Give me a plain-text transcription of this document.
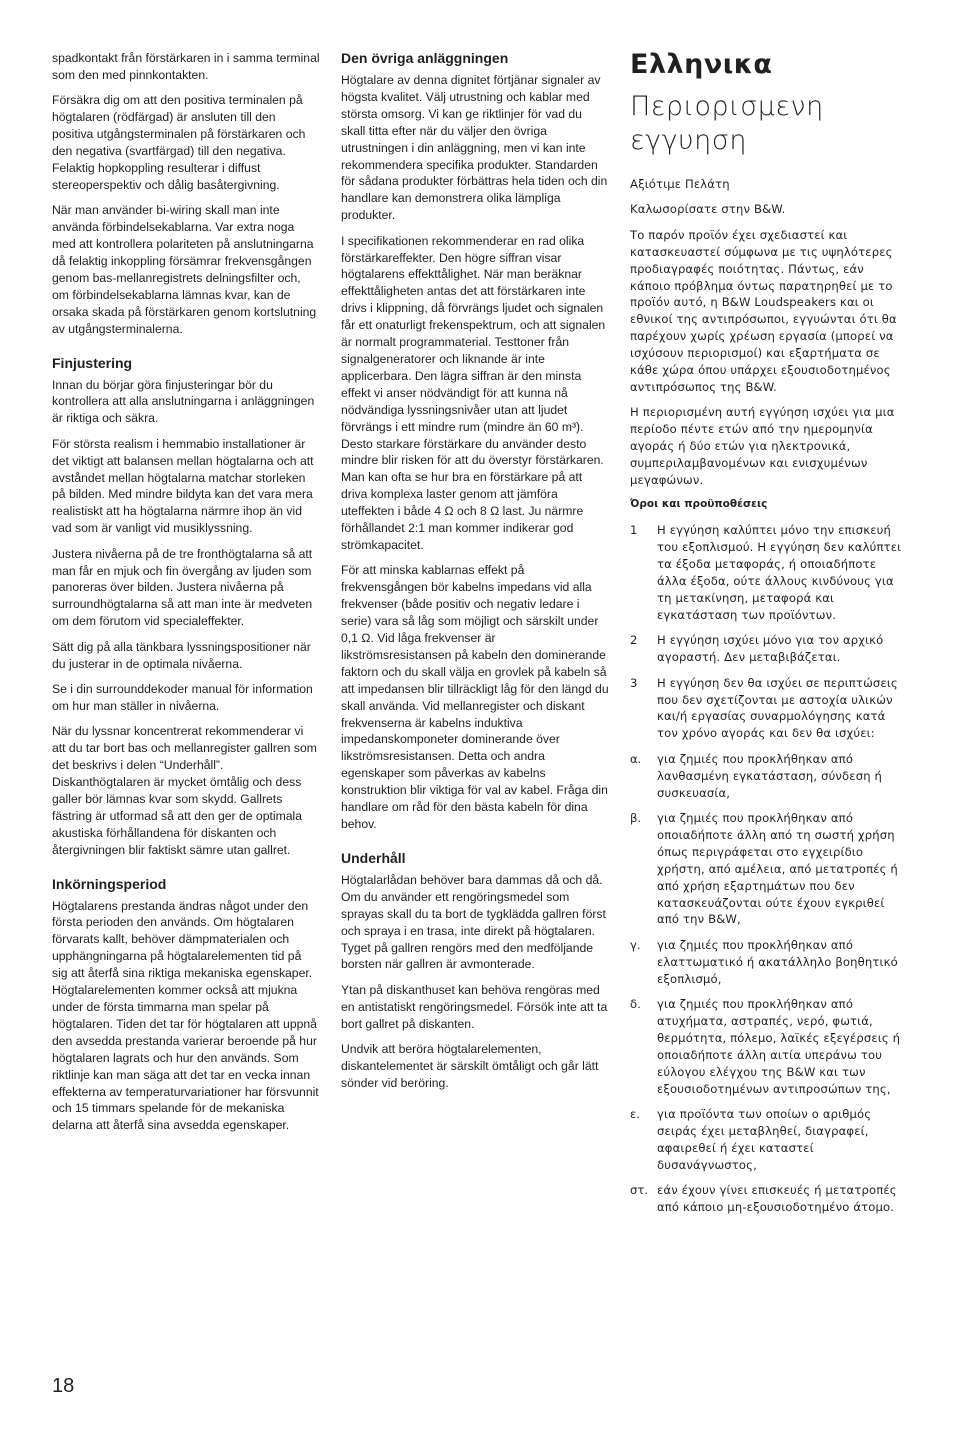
spadkontakt från förstärkaren in i samma terminal som den med pinnkontakten.

Försäkra dig om att den positiva terminalen på högtalaren (rödfärgad) är ansluten till den positiva utgångsterminalen på förstärkaren och den negativa (svartfärgad) till den negativa. Felaktig hopkoppling resulterar i diffust stereoperspektiv och dålig basåtergivning.

När man använder bi-wiring skall man inte använda förbindelsekablarna. Var extra noga med att kontrollera polariteten på anslutningarna då felaktig inkoppling försämrar frekvensgången genom bas-mellanregistrets delningsfilter och, om förbindelsekablarna lämnas kvar, kan de orsaka skada på förstärkaren genom kortslutning av utgångsterminalerna.

Finjustering

Innan du börjar göra finjusteringar bör du kontrollera att alla anslutningarna i anläggningen är riktiga och säkra.

För största realism i hemmabio installationer är det viktigt att balansen mellan högtalarna och att avståndet mellan högtalarna matchar storleken på bilden. Med mindre bildyta kan det vara mera realistiskt att ha högtalarna närmre ihop än vid vad som är vanligt vid musiklyssning.

Justera nivåerna på de tre fronthögtalarna så att man får en mjuk och fin övergång av ljuden som panoreras över bilden. Justera nivåerna på surroundhögtalarna så att man inte är medveten om dem förutom vid specialeffekter.

Sätt dig på alla tänkbara lyssningspositioner när du justerar in de optimala nivåerna.

Se i din surrounddekoder manual för information om hur man ställer in nivåerna.

När du lyssnar koncentrerat rekommenderar vi att du tar bort bas och mellanregister gallren som det beskrivs i delen “Underhåll”. Diskanthögtalaren är mycket ömtålig och dess galler bör lämnas kvar som skydd. Gallrets fästring är utformad så att den ger de optimala akustiska förhållandena för diskanten och återgivningen blir faktiskt sämre utan gallret.

Inkörningsperiod

Högtalarens prestanda ändras något under den första perioden den används. Om högtalaren förvarats kallt, behöver dämpmaterialen och upphängningarna på högtalarelementen tid på sig att återfå sina riktiga mekaniska egenskaper. Högtalarelementen kommer också att mjukna under de första timmarna man spelar på högtalaren. Tiden det tar för högtalaren att uppnå den avsedda prestanda varierar beroende på hur högtalaren lagrats och hur den används. Som riktlinje kan man säga att det tar en vecka innan effekterna av temperaturvariationer har försvunnit och 15 timmars spelande för de mekaniska delarna att återfå sina avsedda egenskaper.

Den övriga anläggningen

Högtalare av denna dignitet förtjänar signaler av högsta kvalitet. Välj utrustning och kablar med största omsorg. Vi kan ge riktlinjer för vad du skall titta efter när du väljer den övriga utrustningen i din anläggning, men vi kan inte rekommendera specifika produkter. Standarden för sådana produkter förbättras hela tiden och din handlare kan demonstrera olika lämpliga produkter.

I specifikationen rekommenderar en rad olika förstärkareffekter. Den högre siffran visar högtalarens effekttålighet. När man beräknar effekttåligheten antas det att förstärkaren inte drivs i klippning, då förvrängs ljudet och signalen får ett onaturligt frekenspektrum, och att signalen är normalt programmaterial. Testtoner från signalgeneratorer och liknande är inte applicerbara. Den lägra siffran är den minsta effekt vi anser nödvändigt för att kunna nå nödvändiga lyssningsnivåer utan att ljudet förvrängs i ett mindre rum (mindre än 60 m³). Desto starkare förstärkare du använder desto mindre blir risken för att du överstyr förstärkaren. Man kan ofta se hur bra en förstärkare på att driva komplexa laster genom att jämföra uteffekten i både 4 Ω och 8 Ω last. Ju närmre förhållandet 2:1 man kommer indikerar god strömkapacitet.

För att minska kablarnas effekt på frekvensgången bör kabelns impedans vid alla frekvenser (både positiv och negativ ledare i serie) vara så låg som möjligt och särskilt under 0,1 Ω. Vid låga frekvenser är likströmsresistansen på kabeln den dominerande faktorn och du skall välja en grovlek på kabeln så att impedansen blir tillräckligt låg för den längd du skall använda. Vid mellanregister och diskant frekvenserna är kabelns induktiva impedanskomponeter dominerande över likströmsresistansen. Detta och andra egenskaper som påverkas av kabelns konstruktion blir viktiga för val av kabel. Fråga din handlare om råd för den bästa kabeln för dina behov.

Underhåll

Högtalarlådan behöver bara dammas då och då. Om du använder ett rengöringsmedel som sprayas skall du ta bort de tygklädda gallren först och spraya i en trasa, inte direkt på högtalaren. Tyget på gallren rengörs med den medföljande borsten när gallren är avmonterade.

Ytan på diskanthuset kan behöva rengöras med en antistatiskt rengöringsmedel. Försök inte att ta bort gallret på diskanten.

Undvik att beröra högtalarelementen, diskantelementet är särskilt ömtåligt och går lätt sönder vid beröring.

Ελληνικα
Περιορισμενη εγγυηση

Αξιότιμε Πελάτη

Καλωσορίσατε στην B&W.

Το παρόν προϊόν έχει σχεδιαστεί και κατασκευαστεί σύμφωνα με τις υψηλότερες προδιαγραφές ποιότητας. Πάντως, εάν κάποιο πρόβλημα όντως παρατηρηθεί με το προϊόν αυτό, η B&W Loudspeakers και οι εθνικοί της αντιπρόσωποι, εγγυώνται ότι θα παρέχουν χωρίς χρέωση εργασία (μπορεί να ισχύσουν περιορισμοί) και εξαρτήματα σε κάθε χώρα όπου υπάρχει εξουσιοδοτημένος αντιπρόσωπος της B&W.

Η περιορισμένη αυτή εγγύηση ισχύει για μια περίοδο πέντε ετών από την ημερομηνία αγοράς ή δύο ετών για ηλεκτρονικά, συμπεριλαμβανομένων και ενισχυμένων μεγαφώνων.

Όροι και προϋποθέσεις
1	Η εγγύηση καλύπτει μόνο την επισκευή του εξοπλισμού. Η εγγύηση δεν καλύπτει τα έξοδα μεταφοράς, ή οποιαδήποτε άλλα έξοδα, ούτε άλλους κινδύνους για τη μετακίνηση, μεταφορά και εγκατάσταση των προϊόντων.
2	Η εγγύηση ισχύει μόνο για τον αρχικό αγοραστή. Δεν μεταβιβάζεται.
3	Η εγγύηση δεν θα ισχύει σε περιπτώσεις που δεν σχετίζονται με αστοχία υλικών και/ή εργασίας συναρμολόγησης κατά τον χρόνο αγοράς και δεν θα ισχύει:
α.	για ζημιές που προκλήθηκαν από λανθασμένη εγκατάσταση, σύνδεση ή συσκευασία,
β.	για ζημιές που προκλήθηκαν από οποιαδήποτε άλλη από τη σωστή χρήση όπως περιγράφεται στο εγχειρίδιο χρήστη, από αμέλεια, από μετατροπές ή από χρήση εξαρτημάτων που δεν κατασκευάζονται ούτε έχουν εγκριθεί από την B&W,
γ.	για ζημιές που προκλήθηκαν από ελαττωματικό ή ακατάλληλο βοηθητικό εξοπλισμό,
δ.	για ζημιές που προκλήθηκαν από ατυχήματα, αστραπές, νερό, φωτιά, θερμότητα, πόλεμο, λαϊκές εξεγέρσεις ή οποιαδήποτε άλλη αιτία υπεράνω του εύλογου ελέγχου της B&W και των εξουσιοδοτημένων αντιπροσώπων της,
ε.	για προϊόντα των οποίων ο αριθμός σειράς έχει μεταβληθεί, διαγραφεί, αφαιρεθεί ή έχει καταστεί δυσανάγνωστος,
στ. εάν έχουν γίνει επισκευές ή μετατροπές από κάποιο μη-εξουσιοδοτημένο άτομο.
18
